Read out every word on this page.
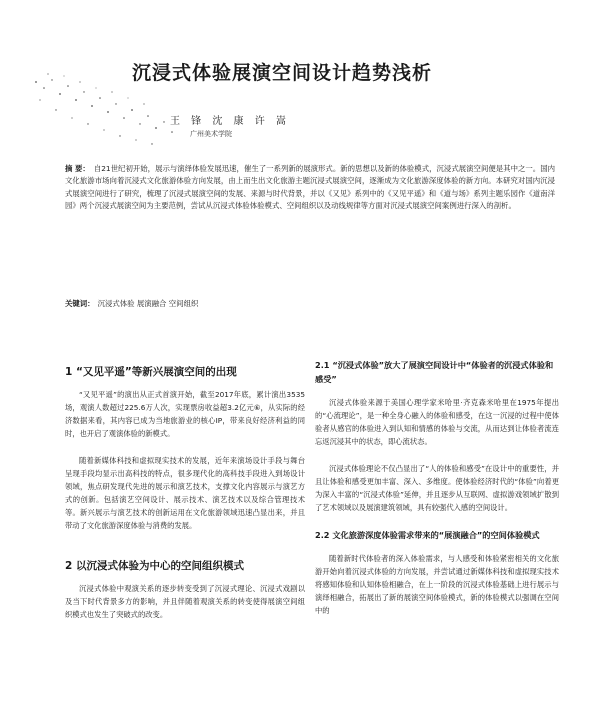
沉浸式体验展演空间设计趋势浅析
王 锋 沈 康 许 嵩
广州美术学院
摘 要： 自21世纪初开始，展示与演绎体验发展迅速，催生了一系列新的展演形式。新的思想以及新的体验模式，沉浸式展演空间便是其中之一。国内文化旅游市场向着沉浸式文化旅游体验方向发展，由上而生出文化旅游主题沉浸式展演空间，逐渐成为文化旅游深度体验的新方向。本研究对国内沉浸式展演空间进行了研究，梳理了沉浸式展演空间的发展、来源与时代背景，并以《又见》系列中的《又见平遥》和《道与场》系列主题乐园作《道南洋园》两个沉浸式展演空间为主要范例，尝试从沉浸式体验体验模式、空间组织以及动线规律等方面对沉浸式展演空间案例进行深入的剖析。
关键词： 沉浸式体验 展演融合 空间组织
1 “又见平遥”等新兴展演空间的出现
“又见平遥”的演出从正式首演开始，截至2017年底，累计演出3535场，观演人数超过225.6万人次，实现票房收益超3.2亿元⑥，从实际的经济数据来看，其内容已成为当地旅游业的核心IP，带来良好经济利益的同时，也开启了观演体验的新模式。
随着新媒体科技和虚拟现实技术的发展，近年来演场设计手段与舞台呈现手段均显示出高科技的特点，很多现代化的高科技手段进入到场设计领域，焦点研发现代先进的展示和演艺技术，支撑文化内容展示与演艺方式的创新。包括演艺空间设计、展示技术、演艺技术以及综合管理技术等。新兴展示与演艺技术的创新运用在文化旅游领域迅速凸显出来，并且带动了文化旅游深度体验与消费的发展。
2 以沉浸式体验为中心的空间组织模式
沉浸式体验中观演关系的逐步转变受到了沉浸式理论、沉浸式戏剧以及当下时代背景多方的影响，并且伴随着观演关系的转变使得展演空间组织模式也发生了突破式的改变。
2.1 “沉浸式体验”放大了展演空间设计中“体验者的沉浸式体验和感受”
沉浸式体验来源于美国心理学家米哈里·齐克森米哈里在1975年提出的“心流理论”，是一种全身心融入的体验和感受，在这一沉浸的过程中使体验者从感官的体验进入到认知和情感的体验与交流，从而达到让体验者流连忘返沉浸其中的状态，即心流状态。
沉浸式体验理论不仅凸显出了“人的体验和感受”在设计中的重要性，并且让体验和感受更加丰富、深入、多维度。使体验经济时代的“体验”向着更为深入丰富的“沉浸式体验”延伸，并且逐步从互联网、虚拟游戏领域扩散到了艺术领域以及展演建筑领域，具有较强代入感的空间设计。
2.2 文化旅游深度体验需求带来的“展演融合”的空间体验模式
随着新时代体验者的深入体验需求，与人感受和体验紧密相关的文化旅游开始向着沉浸式体验的方向发展，并尝试通过新媒体科技和虚拟现实技术将感知体验和认知体验相融合，在上一阶段的沉浸式体验基础上进行展示与演绎相融合，拓展出了新的展演空间体验模式，新的体验模式以强调在空间中的
